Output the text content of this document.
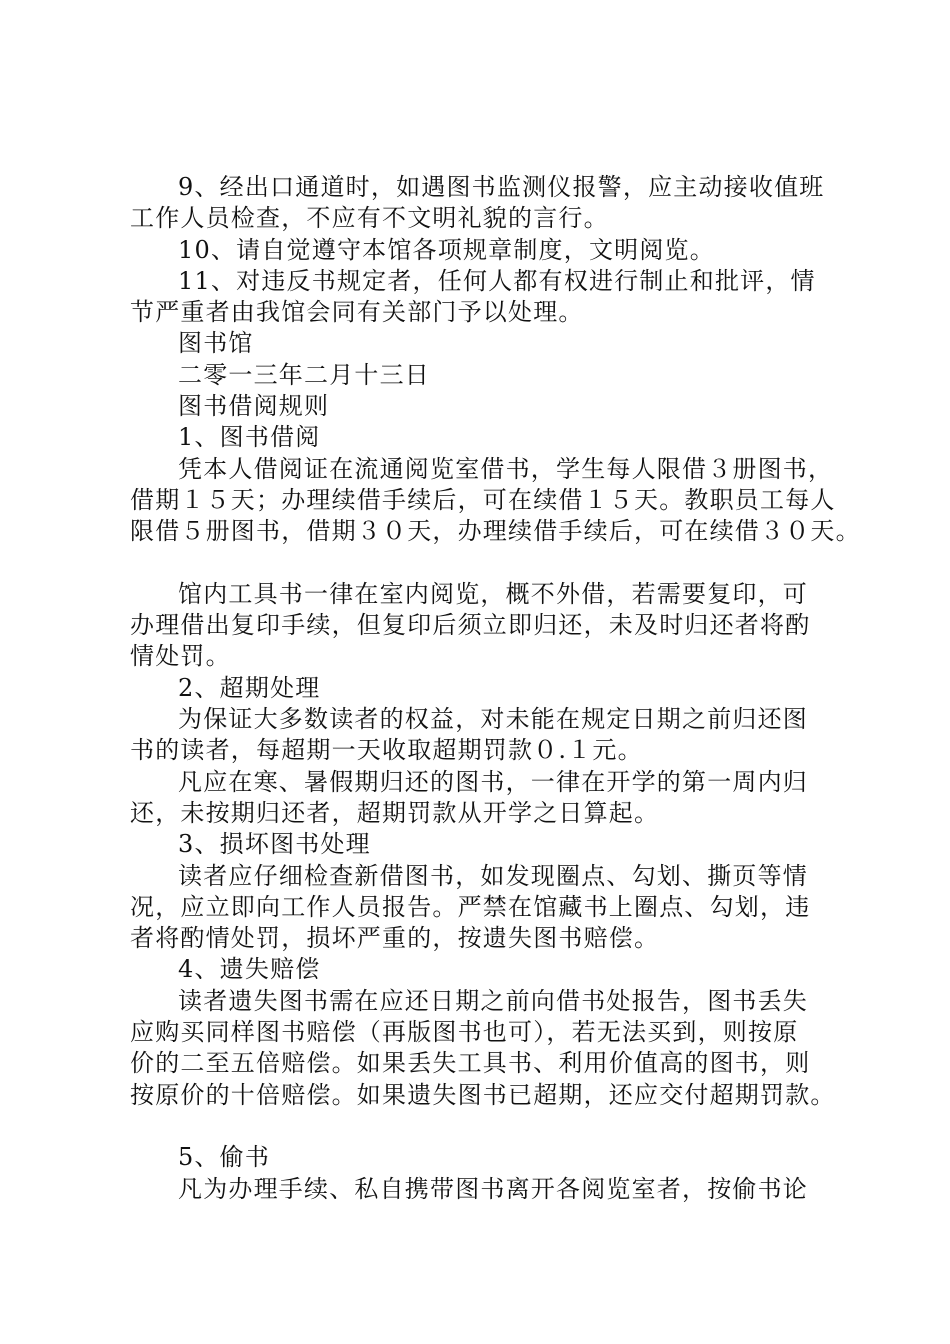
9、经出口通道时，如遇图书监测仪报警，应主动接收值班
工作人员检查，不应有不文明礼貌的言行。
10、请自觉遵守本馆各项规章制度，文明阅览。
11、对违反书规定者，任何人都有权进行制止和批评，情
节严重者由我馆会同有关部门予以处理。
图书馆
二零一三年二月十三日
图书借阅规则
1、图书借阅
凭本人借阅证在流通阅览室借书，学生每人限借３册图书，
借期１５天；办理续借手续后，可在续借１５天。教职员工每人
限借５册图书，借期３０天，办理续借手续后，可在续借３０天。
馆内工具书一律在室内阅览，概不外借，若需要复印，可
办理借出复印手续，但复印后须立即归还，未及时归还者将酌
情处罚。
2、超期处理
为保证大多数读者的权益，对未能在规定日期之前归还图
书的读者，每超期一天收取超期罚款０.１元。
凡应在寒、暑假期归还的图书，一律在开学的第一周内归
还，未按期归还者，超期罚款从开学之日算起。
3、损坏图书处理
读者应仔细检查新借图书，如发现圈点、勾划、撕页等情
况，应立即向工作人员报告。严禁在馆藏书上圈点、勾划，违
者将酌情处罚，损坏严重的，按遗失图书赔偿。
4、遗失赔偿
读者遗失图书需在应还日期之前向借书处报告，图书丢失
应购买同样图书赔偿（再版图书也可），若无法买到，则按原
价的二至五倍赔偿。如果丢失工具书、利用价值高的图书，则
按原价的十倍赔偿。如果遗失图书已超期，还应交付超期罚款。
5、偷书
凡为办理手续、私自携带图书离开各阅览室者，按偷书论
